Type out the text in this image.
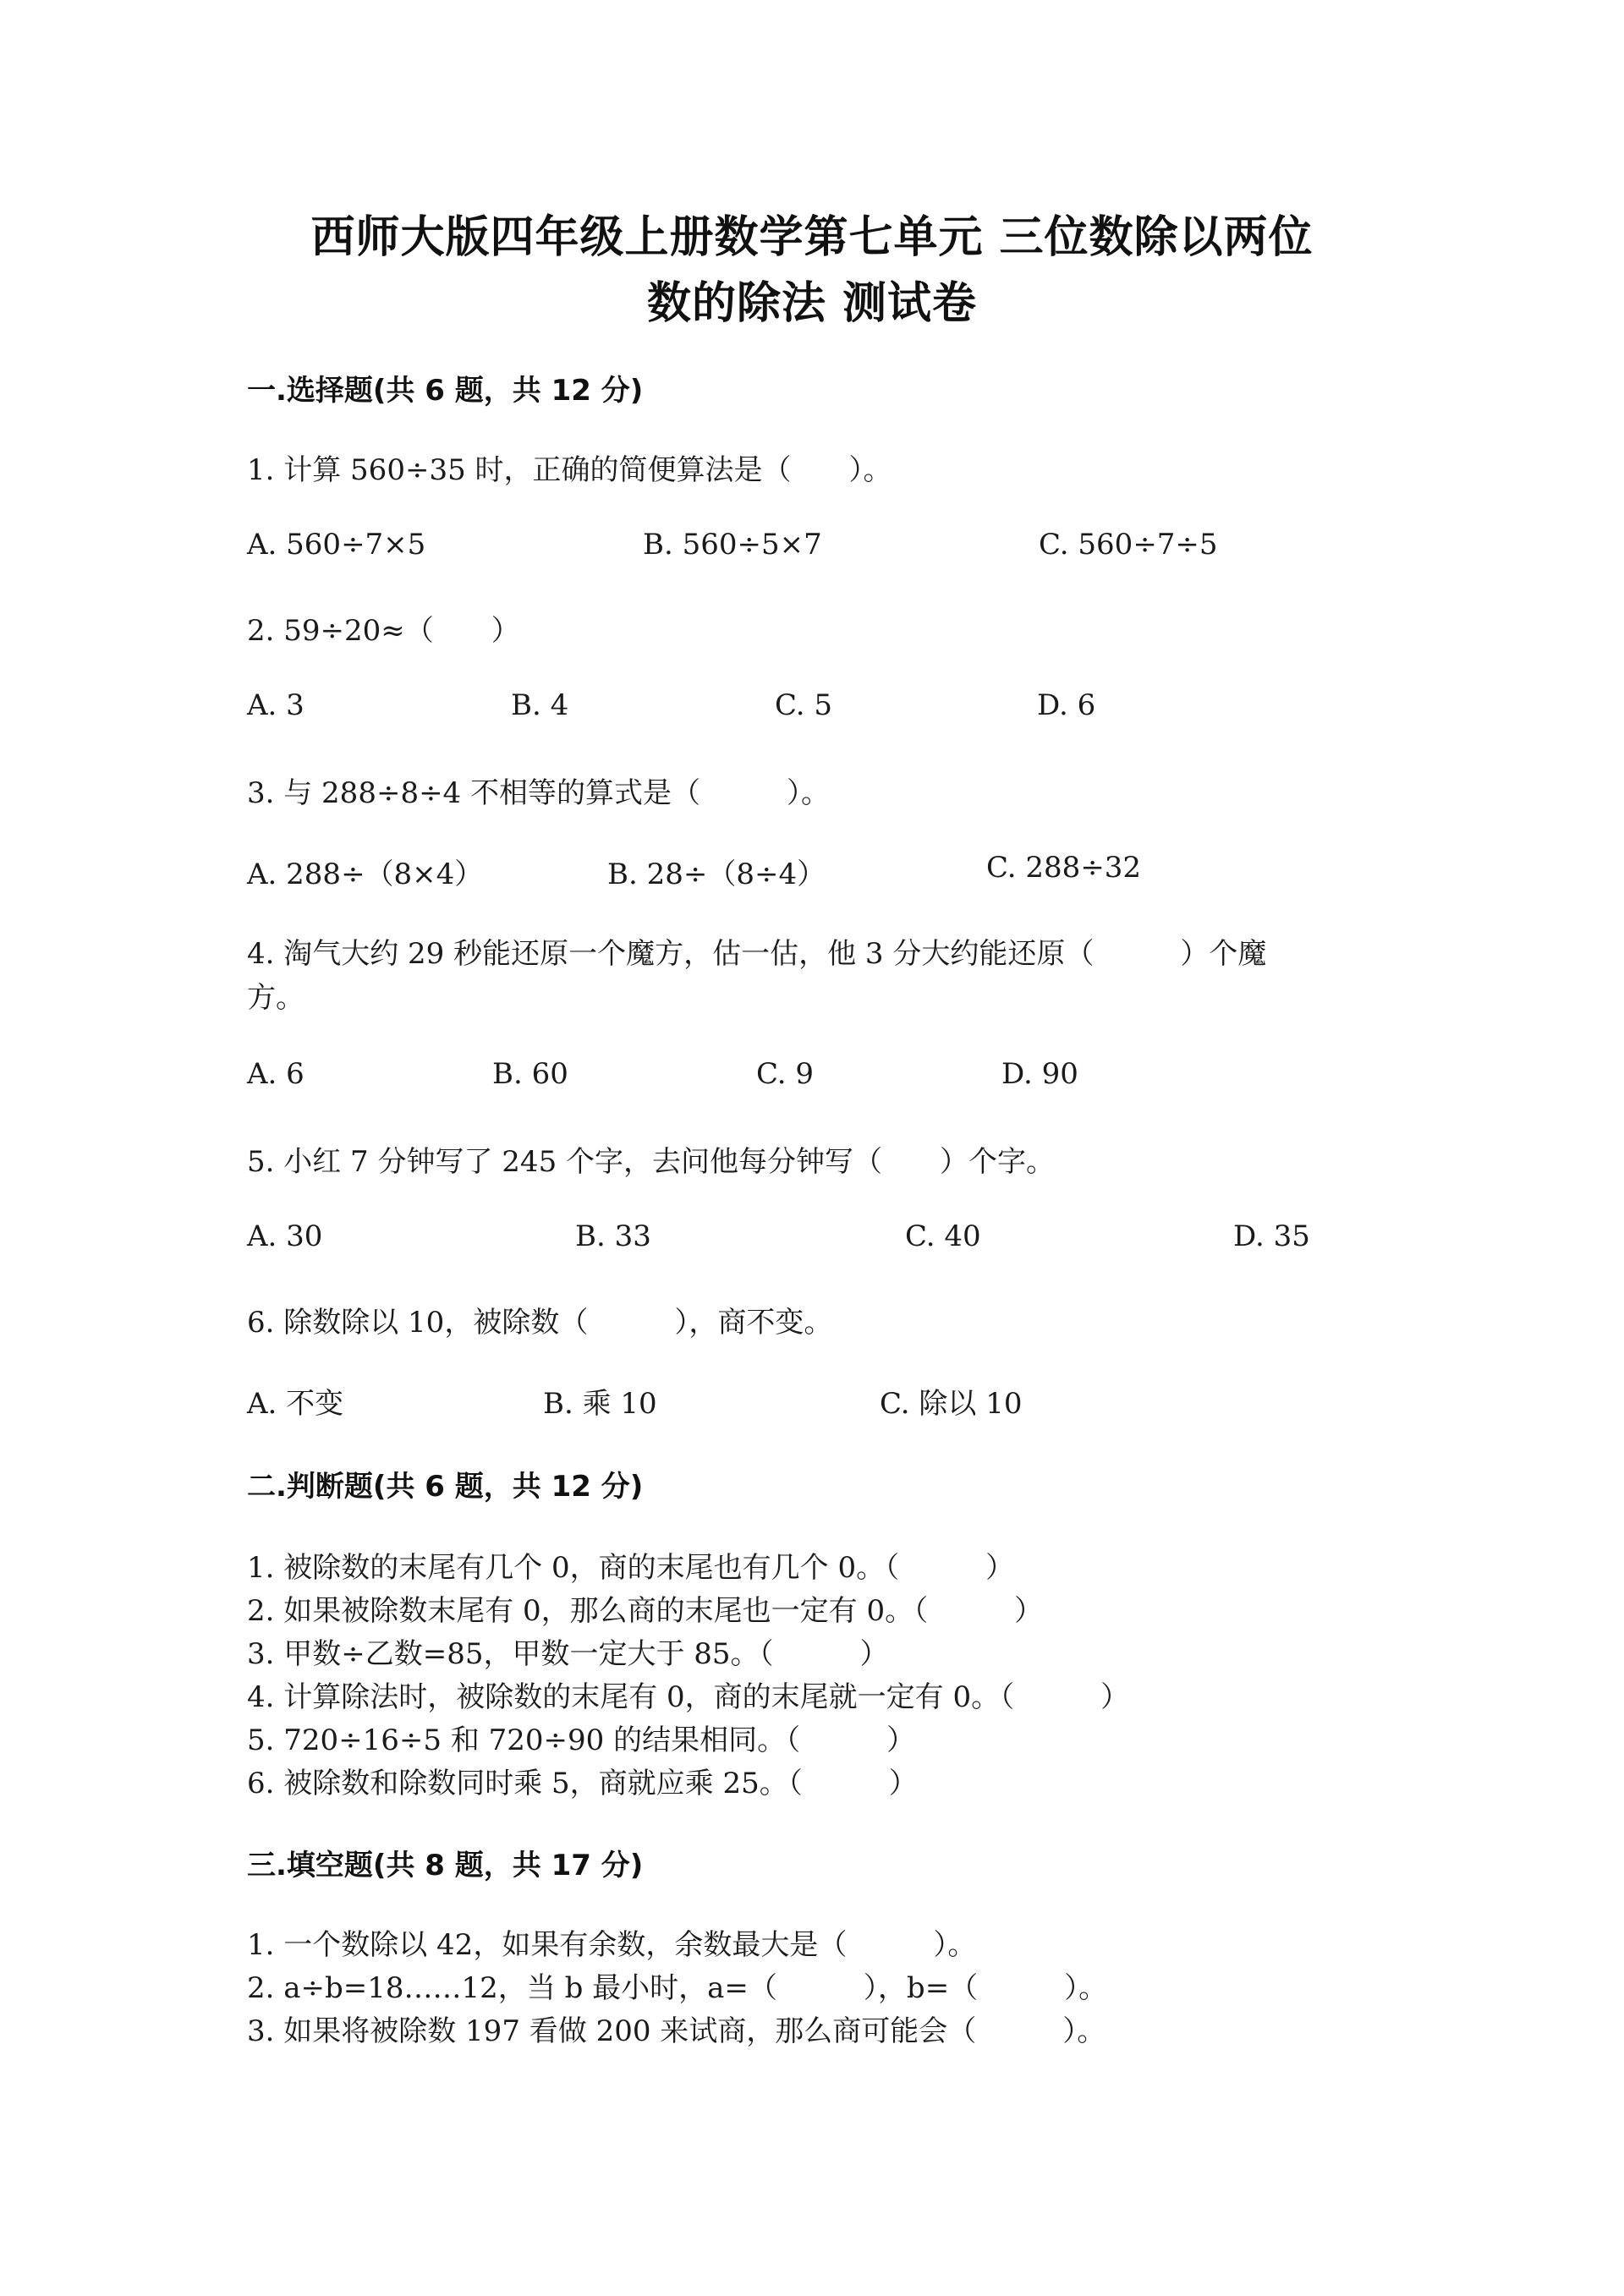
西师大版四年级上册数学第七单元 三位数除以两位
数的除法 测试卷
一.选择题(共 6 题，共 12 分)
1. 计算 560÷35 时，正确的简便算法是（　　）。
A. 560÷7×5	B. 560÷5×7	C. 560÷7÷5
2. 59÷20≈（　　）
A. 3	B. 4	C. 5	D. 6
3. 与 288÷8÷4 不相等的算式是（　　　）。
A. 288÷（8×4）	B. 28÷（8÷4）	C. 288÷32
4. 淘气大约 29 秒能还原一个魔方，估一估，他 3 分大约能还原（　　　）个魔
方。
A. 6	B. 60	C. 9	D. 90
5. 小红 7 分钟写了 245 个字，去问他每分钟写（　　）个字。
A. 30	B. 33	C. 40	D. 35
6. 除数除以 10，被除数（　　　），商不变。
A. 不变	B. 乘 10	C. 除以 10
二.判断题(共 6 题，共 12 分)
1. 被除数的末尾有几个 0，商的末尾也有几个 0。（　　　）
2. 如果被除数末尾有 0，那么商的末尾也一定有 0。（　　　）
3. 甲数÷乙数=85，甲数一定大于 85。（　　　）
4. 计算除法时，被除数的末尾有 0，商的末尾就一定有 0。（　　　）
5. 720÷16÷5 和 720÷90 的结果相同。（　　　）
6. 被除数和除数同时乘 5，商就应乘 25。（　　　）
三.填空题(共 8 题，共 17 分)
1. 一个数除以 42，如果有余数，余数最大是（　　　）。
2. a÷b=18……12，当 b 最小时，a=（　　　），b=（　　　）。
3. 如果将被除数 197 看做 200 来试商，那么商可能会（　　　）。
